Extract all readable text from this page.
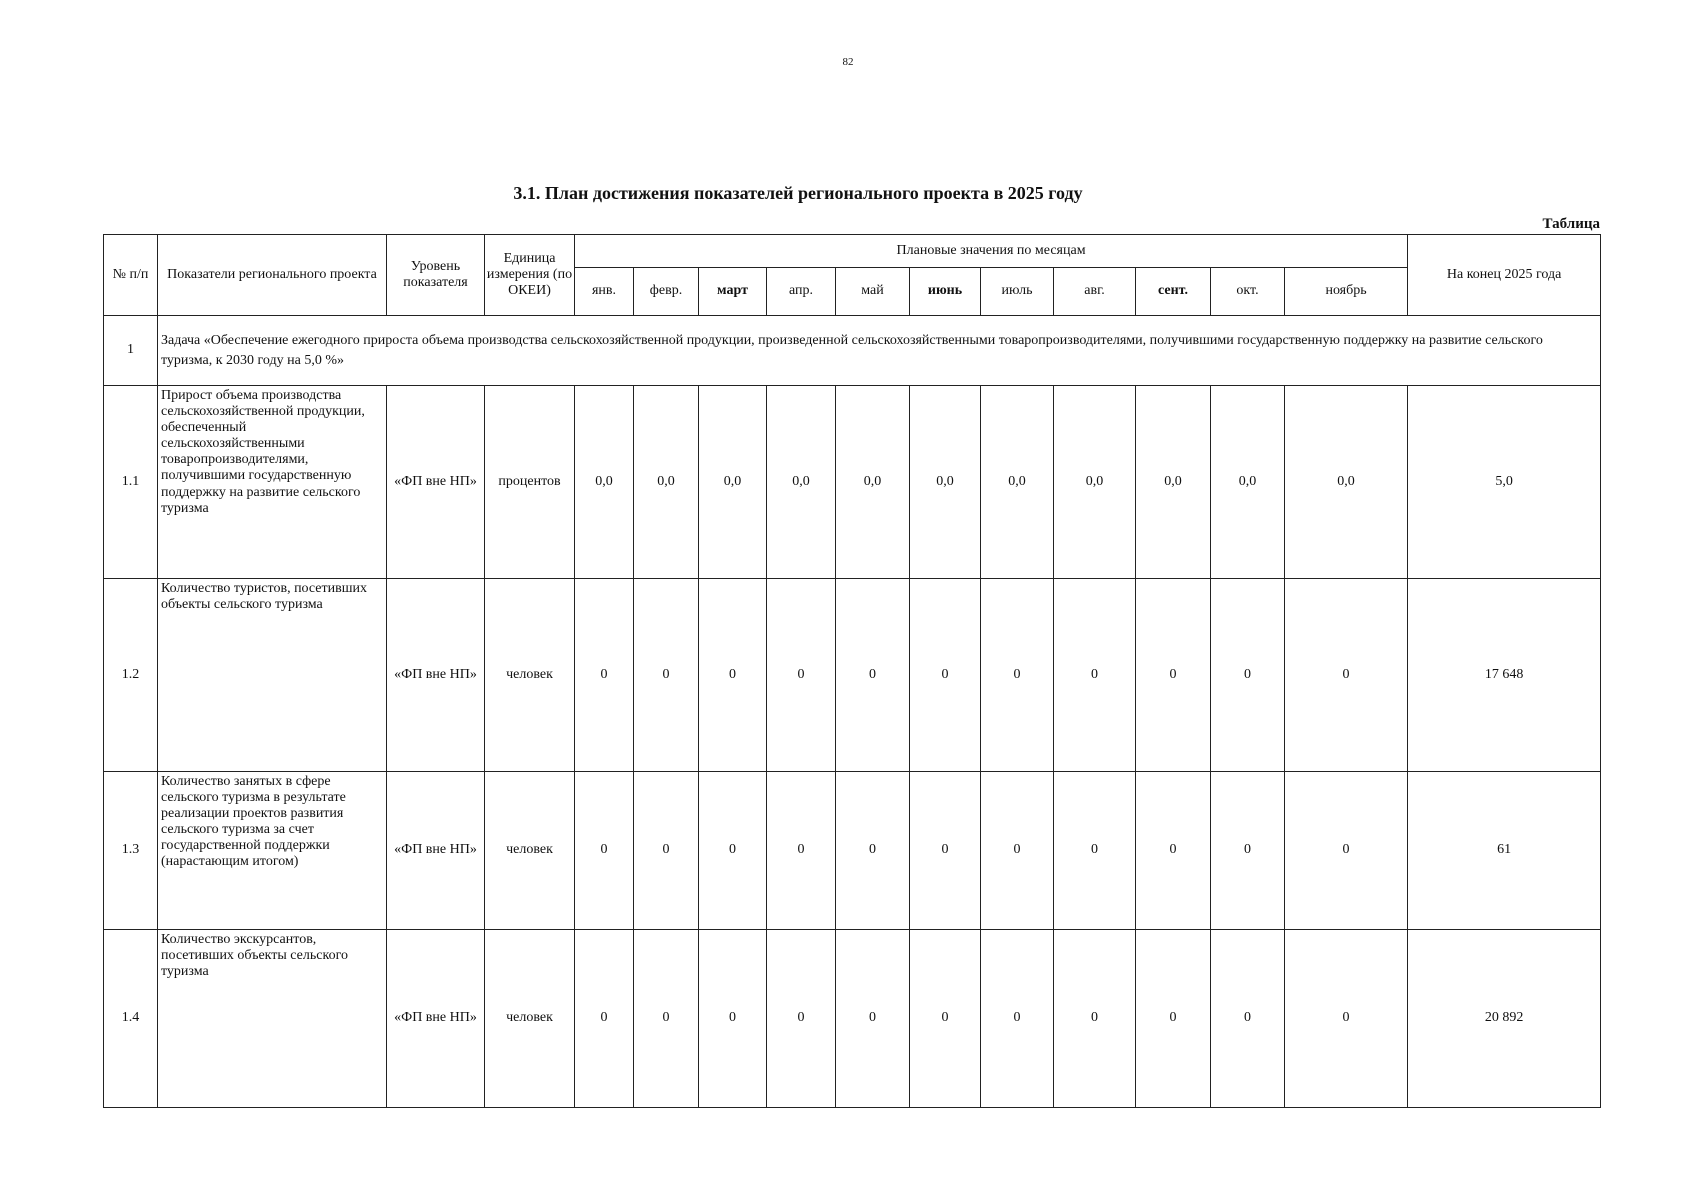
82
3.1. План достижения показателей регионального проекта в 2025 году
Таблица
№ п/п	Показатели регионального проекта	Уровень показателя	Единица измерения (по ОКЕИ)	Плановые значения по месяцам											На конец 2025 года
				янв.	февр.	март	апр.	май	июнь	июль	авг.	сент.	окт.	ноябрь	
1	Задача «Обеспечение ежегодного прироста объема производства сельскохозяйственной продукции, произведенной сельскохозяйственными товаропроизводителями, получившими государственную поддержку на развитие сельского туризма, к 2030 году на 5,0 %»														
1.1	Прирост объема производства сельскохозяйственной продукции, обеспеченный сельскохозяйственными товаропроизводителями, получившими государственную поддержку на развитие сельского туризма	«ФП вне НП»	процентов	0,0	0,0	0,0	0,0	0,0	0,0	0,0	0,0	0,0	0,0	0,0	5,0
1.2	Количество туристов, посетивших объекты сельского туризма	«ФП вне НП»	человек	0	0	0	0	0	0	0	0	0	0	0	17 648
1.3	Количество занятых в сфере сельского туризма в результате реализации проектов развития сельского туризма за счет государственной поддержки (нарастающим итогом)	«ФП вне НП»	человек	0	0	0	0	0	0	0	0	0	0	0	61
1.4	Количество экскурсантов, посетивших объекты сельского туризма	«ФП вне НП»	человек	0	0	0	0	0	0	0	0	0	0	0	20 892
